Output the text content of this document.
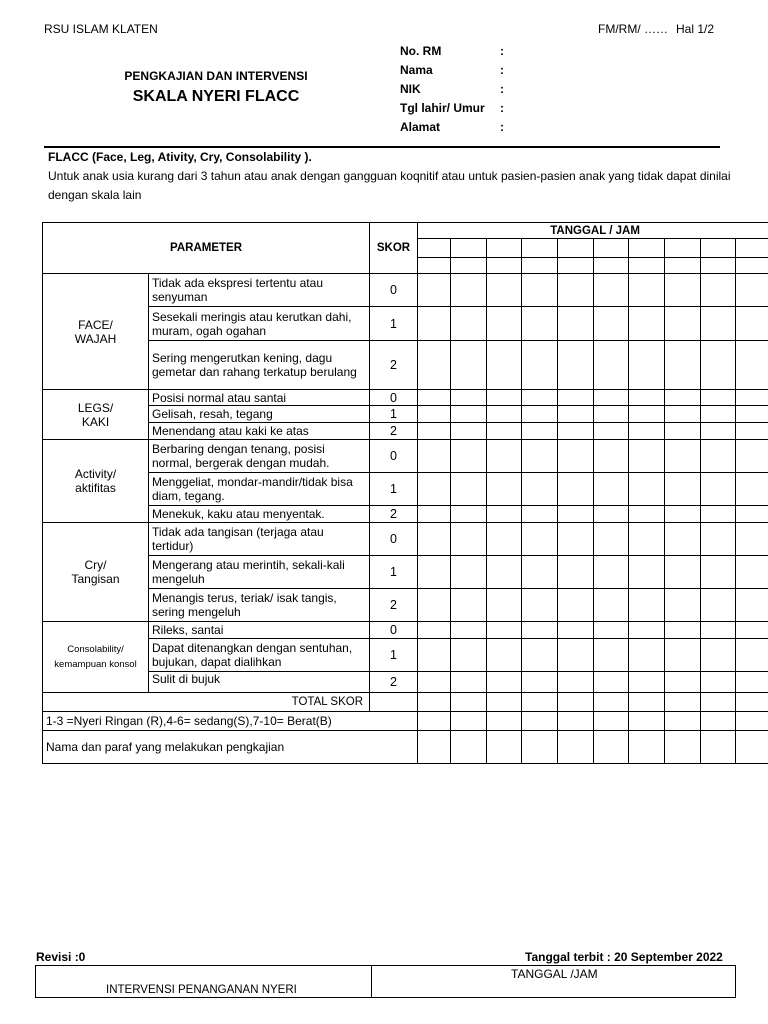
RSU ISLAM KLATEN	FM/RM/ …… Hal 1/2
PENGKAJIAN DAN INTERVENSI
SKALA NYERI FLACC
No. RM	:
Nama	:
NIK	:
Tgl lahir/ Umur :
Alamat	:
FLACC (Face, Leg, Ativity, Cry, Consolability ).
Untuk anak usia kurang dari 3 tahun atau anak dengan gangguan koqnitif atau untuk pasien-pasien anak yang tidak dapat dinilai dengan skala lain
PARAMETER		SKOR	TANGGAL / JAM									

FACE/
WAJAH	Tidak ada ekspresi tertentu atau senyuman	0										
	Sesekali meringis atau kerutkan dahi, muram, ogah ogahan	1										
	Sering mengerutkan kening, dagu gemetar dan rahang terkatup berulang	2										
LEGS/
KAKI	Posisi normal atau santai	0										
	Gelisah, resah, tegang	1										
	Menendang atau kaki ke atas	2										
Activity/
aktifitas	Berbaring dengan tenang, posisi normal, bergerak dengan mudah.	0										
	Menggeliat, mondar-mandir/tidak bisa diam, tegang.	1										
	Menekuk, kaku atau menyentak.	2										
Cry/
Tangisan	Tidak ada tangisan (terjaga atau tertidur)	0										
	Mengerang atau merintih, sekali-kali mengeluh	1										
	Menangis terus, teriak/ isak tangis, sering mengeluh	2										
Consolability/
kemampuan konsol	Rileks, santai	0										
	Dapat ditenangkan dengan sentuhan, bujukan, dapat dialihkan	1										
	Sulit di bujuk	2										
TOTAL SKOR												
1-3 =Nyeri Ringan (R),4-6= sedang(S),7-10= Berat(B)												
Nama dan paraf yang melakukan pengkajian												
Revisi :0	Tanggal terbit : 20 September 2022
INTERVENSI PENANGANAN NYERI
TANGGAL /JAM
